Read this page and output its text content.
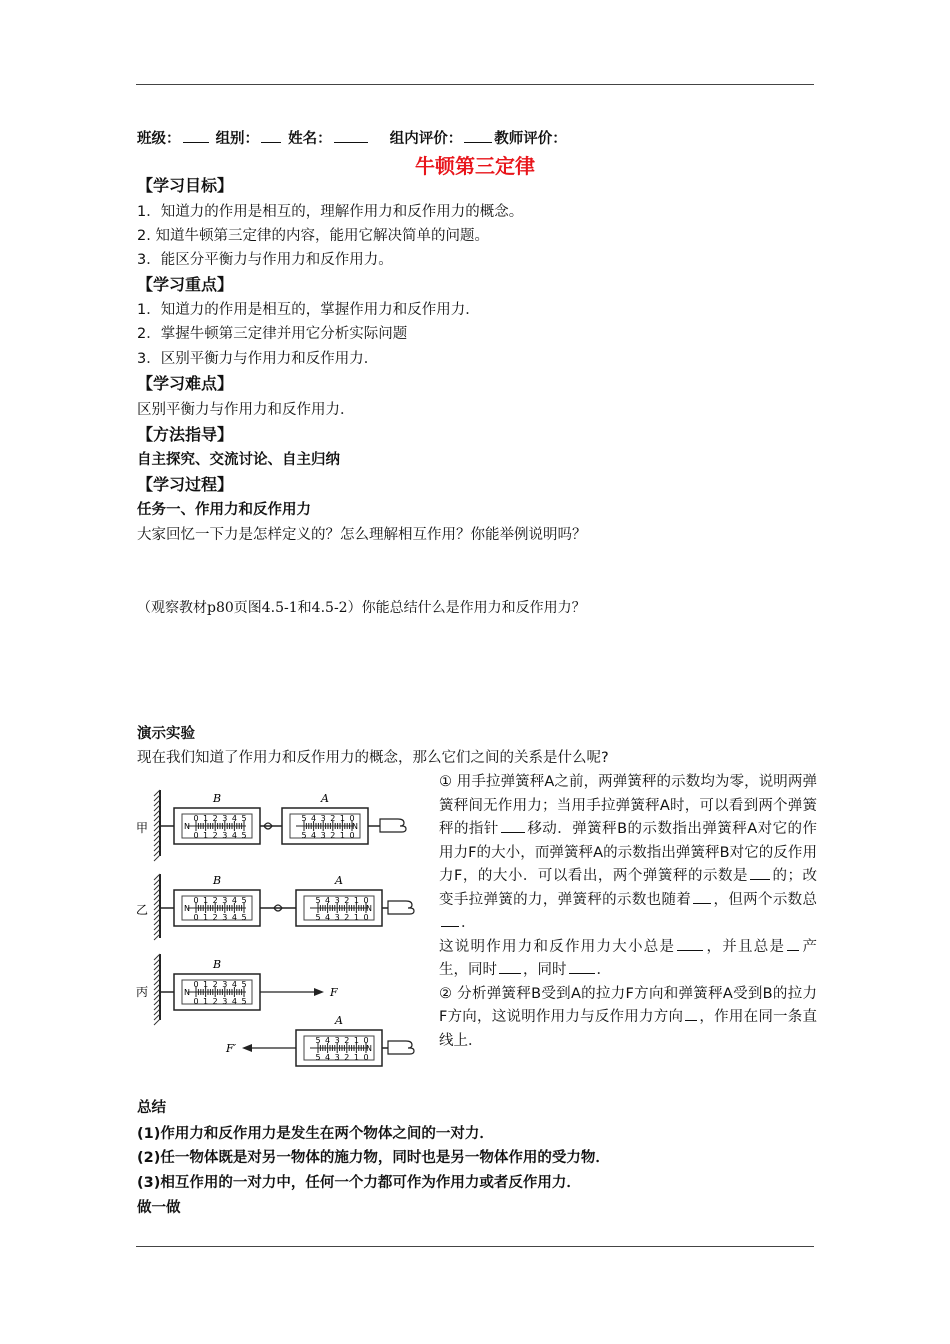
班级： 组别： 姓名：	组内评价： 教师评价：
牛顿第三定律
【学习目标】
1．知道力的作用是相互的，理解作用力和反作用力的概念。
2. 知道牛顿第三定律的内容，能用它解决简单的问题。
3．能区分平衡力与作用力和反作用力。
【学习重点】
1．知道力的作用是相互的，掌握作用力和反作用力．
2．掌握牛顿第三定律并用它分析实际问题
3．区别平衡力与作用力和反作用力．
【学习难点】
区别平衡力与作用力和反作用力．
【方法指导】
自主探究、交流讨论、自主归纳
【学习过程】
任务一、作用力和反作用力
大家回忆一下力是怎样定义的？怎么理解相互作用？你能举例说明吗？
（观察教材p80页图4.5-1和4.5-2）你能总结什么是作用力和反作用力？
演示实验
现在我们知道了作用力和反作用力的概念，那么它们之间的关系是什么呢?

① 用手拉弹簧秤A之前，两弹簧秤的示数均为零，说明两弹簧秤间无作用力；当用手拉弹簧秤A时，可以看到两个弹簧秤的指针 移动．弹簧秤B的示数指出弹簧秤A对它的作用力F的大小，而弹簧秤A的示数指出弹簧秤B对它的反作用力F，的大小．可以看出，两个弹簧秤的示数是 的；改变手拉弹簧的力，弹簧秤的示数也随着 ，但两个示数总．

这说明作用力和反作用力大小总是 ，并且总是 产生，同时 ，同时 ．

② 分析弹簧秤B受到A的拉力F方向和弹簧秤A受到B的拉力F方向，这说明作用力与反作用力方向 ，作用在同一条直线上．

甲
乙
丙
B
0
0
1
1
2
2
3
3
4
4
5
5
N
A
0
0
1
1
2
2
3
3
4
4
5
5
N
B
0
0
1
1
2
2
3
3
4
4
5
5
N
A
0
0
1
1
2
2
3
3
4
4
5
5
N
B
0
0
1
1
2
2
3
3
4
4
5
5
N	F
F′
A
0
0
1
1
2
2
3
3
4
4
5
5
N
总结
(1)作用力和反作用力是发生在两个物体之间的一对力．
(2)任一物体既是对另一物体的施力物，同时也是另一物体作用的受力物．
(3)相互作用的一对力中，任何一个力都可作为作用力或者反作用力．
做一做
